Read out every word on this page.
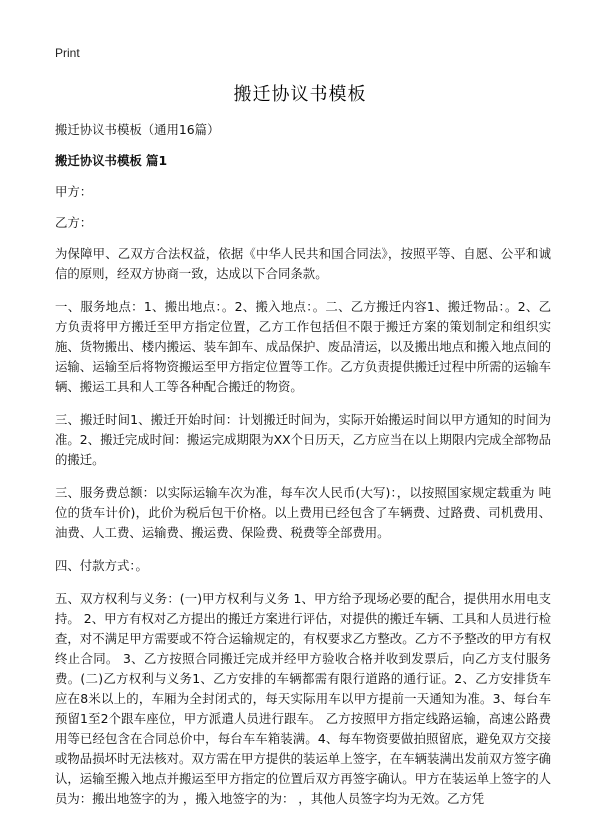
Print
搬迁协议书模板

搬迁协议书模板（通用16篇）

搬迁协议书模板 篇1

甲方：

乙方：

为保障甲、乙双方合法权益，依据《中华人民共和国合同法》，按照平等、自愿、公平和诚信的原则，经双方协商一致，达成以下合同条款。

一、服务地点：1、搬出地点：。2、搬入地点：。二、乙方搬迁内容1、搬迁物品：。2、乙方负责将甲方搬迁至甲方指定位置，乙方工作包括但不限于搬迁方案的策划制定和组织实施、货物搬出、楼内搬运、装车卸车、成品保护、废品清运，以及搬出地点和搬入地点间的运输、运输至后将物资搬运至甲方指定位置等工作。乙方负责提供搬迁过程中所需的运输车辆、搬运工具和人工等各种配合搬迁的物资。

三、搬迁时间1、搬迁开始时间：计划搬迁时间为，实际开始搬运时间以甲方通知的时间为准。2、搬迁完成时间：搬运完成期限为XX个日历天，乙方应当在以上期限内完成全部物品的搬迁。

三、服务费总额：以实际运输车次为准，每车次人民币(大写)：，以按照国家规定载重为 吨位的货车计价)，此价为税后包干价格。以上费用已经包含了车辆费、过路费、司机费用、油费、人工费、运输费、搬运费、保险费、税费等全部费用。

四、付款方式：。

五、双方权利与义务：(一)甲方权利与义务 1、甲方给予现场必要的配合，提供用水用电支持。 2、甲方有权对乙方提出的搬迁方案进行评估，对提供的搬迁车辆、工具和人员进行检查，对不满足甲方需要或不符合运输规定的，有权要求乙方整改。乙方不予整改的甲方有权终止合同。 3、乙方按照合同搬迁完成并经甲方验收合格并收到发票后，向乙方支付服务费。(二)乙方权利与义务1、乙方安排的车辆都需有限行道路的通行证。2、乙方安排货车应在8米以上的，车厢为全封闭式的，每天实际用车以甲方提前一天通知为准。3、每台车预留1至2个跟车座位，甲方派遣人员进行跟车。 乙方按照甲方指定线路运输，高速公路费用等已经包含在合同总价中，每台车车箱装满。4、每车物资要做拍照留底，避免双方交接或物品损坏时无法核对。双方需在甲方提供的装运单上签字，在车辆装满出发前双方签字确认，运输至搬入地点并搬运至甲方指定的位置后双方再签字确认。甲方在装运单上签字的人员为：搬出地签字的为 ，搬入地签字的为： ，其他人员签字均为无效。乙方凭
